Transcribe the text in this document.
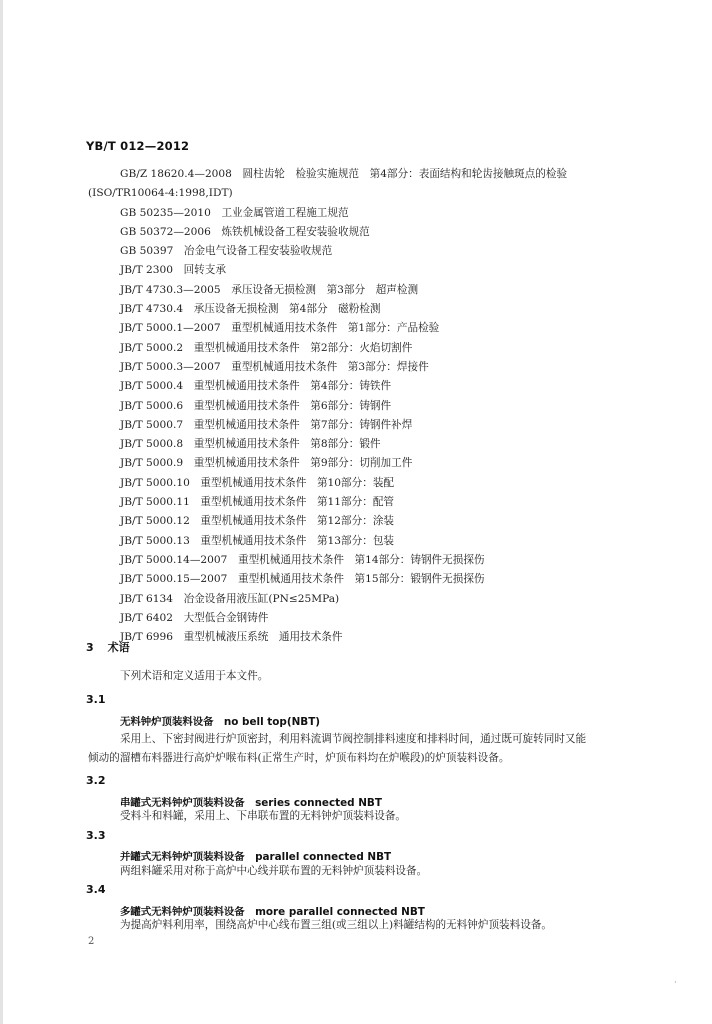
YB/T 012—2012
GB/Z 18620.4—2008　圆柱齿轮　检验实施规范　第4部分：表面结构和轮齿接触斑点的检验
(ISO/TR10064-4:1998,IDT)
GB 50235—2010　工业金属管道工程施工规范
GB 50372—2006　炼铁机械设备工程安装验收规范
GB 50397　冶金电气设备工程安装验收规范
JB/T 2300　回转支承
JB/T 4730.3—2005　承压设备无损检测　第3部分　超声检测
JB/T 4730.4　承压设备无损检测　第4部分　磁粉检测
JB/T 5000.1—2007　重型机械通用技术条件　第1部分：产品检验
JB/T 5000.2　重型机械通用技术条件　第2部分：火焰切割件
JB/T 5000.3—2007　重型机械通用技术条件　第3部分：焊接件
JB/T 5000.4　重型机械通用技术条件　第4部分：铸铁件
JB/T 5000.6　重型机械通用技术条件　第6部分：铸钢件
JB/T 5000.7　重型机械通用技术条件　第7部分：铸钢件补焊
JB/T 5000.8　重型机械通用技术条件　第8部分：锻件
JB/T 5000.9　重型机械通用技术条件　第9部分：切削加工件
JB/T 5000.10　重型机械通用技术条件　第10部分：装配
JB/T 5000.11　重型机械通用技术条件　第11部分：配管
JB/T 5000.12　重型机械通用技术条件　第12部分：涂装
JB/T 5000.13　重型机械通用技术条件　第13部分：包装
JB/T 5000.14—2007　重型机械通用技术条件　第14部分：铸钢件无损探伤
JB/T 5000.15—2007　重型机械通用技术条件　第15部分：锻钢件无损探伤
JB/T 6134　冶金设备用液压缸(PN≤25MPa)
JB/T 6402　大型低合金钢铸件
JB/T 6996　重型机械液压系统　通用技术条件
3 术语
下列术语和定义适用于本文件。
3.1
无料钟炉顶装料设备　no bell top(NBT)
采用上、下密封阀进行炉顶密封，利用料流调节阀控制排料速度和排料时间，通过既可旋转同时又能
倾动的溜槽布料器进行高炉炉喉布料(正常生产时，炉顶布料均在炉喉段)的炉顶装料设备。
3.2
串罐式无料钟炉顶装料设备　series connected NBT
受料斗和料罐，采用上、下串联布置的无料钟炉顶装料设备。
3.3
并罐式无料钟炉顶装料设备　parallel connected NBT
两组料罐采用对称于高炉中心线并联布置的无料钟炉顶装料设备。
3.4
多罐式无料钟炉顶装料设备　more parallel connected NBT
为提高炉料利用率，围绕高炉中心线布置三组(或三组以上)料罐结构的无料钟炉顶装料设备。
2
·
